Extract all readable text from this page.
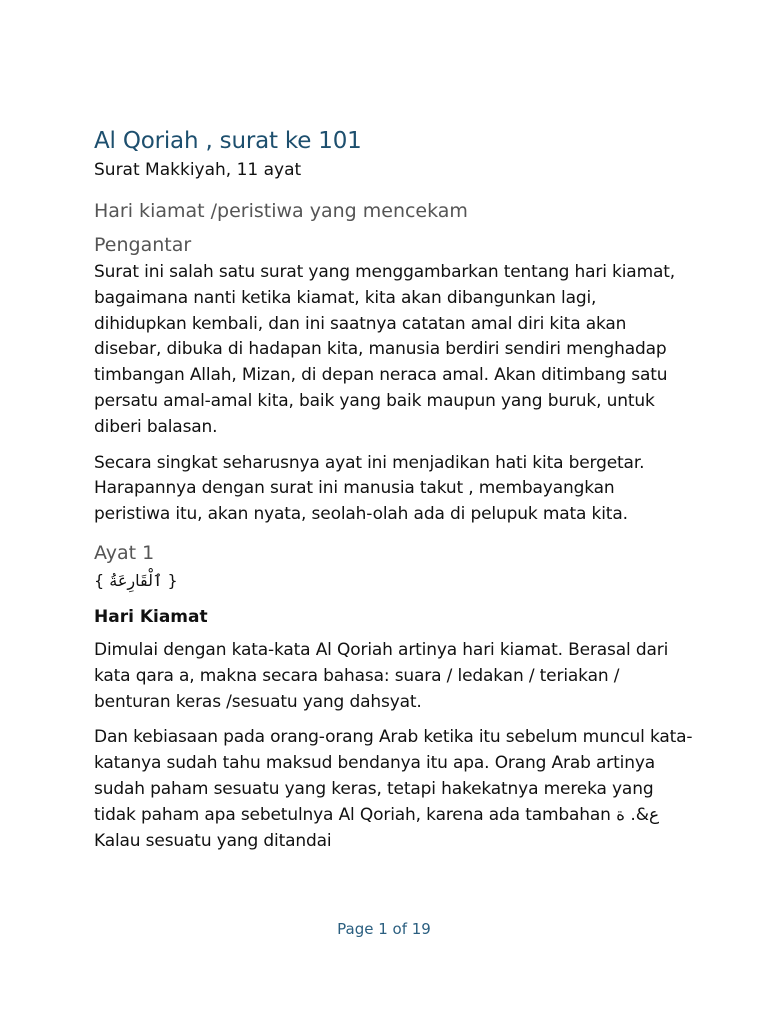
Al Qoriah , surat ke 101

Surat Makkiyah, 11 ayat

Hari kiamat /peristiwa yang mencekam
Pengantar

Surat ini salah satu surat yang menggambarkan tentang hari kiamat, bagaimana nanti ketika kiamat, kita akan dibangunkan lagi, dihidupkan kembali, dan ini saatnya catatan amal diri kita akan disebar, dibuka di hadapan kita, manusia berdiri sendiri menghadap timbangan Allah, Mizan, di depan neraca amal. Akan ditimbang satu persatu amal-amal kita, baik yang baik maupun yang buruk, untuk diberi balasan.

Secara singkat seharusnya ayat ini menjadikan hati kita bergetar. Harapannya dengan surat ini manusia takut , membayangkan peristiwa itu, akan nyata, seolah-olah ada di pelupuk mata kita.

Ayat 1

{ ٱلْقَارِعَةُ }

Hari Kiamat

Dimulai dengan kata-kata Al Qoriah artinya hari kiamat. Berasal dari kata qara a, makna secara bahasa: suara / ledakan / teriakan / benturan keras /sesuatu yang dahsyat.

Dan kebiasaan pada orang-orang Arab ketika itu sebelum muncul kata-katanya sudah tahu maksud bendanya itu apa. Orang Arab artinya sudah paham sesuatu yang keras, tetapi hakekatnya mereka yang tidak paham apa sebetulnya Al Qoriah, karena ada tambahan ع&. ة Kalau sesuatu yang ditandai

Page 1 of 19
